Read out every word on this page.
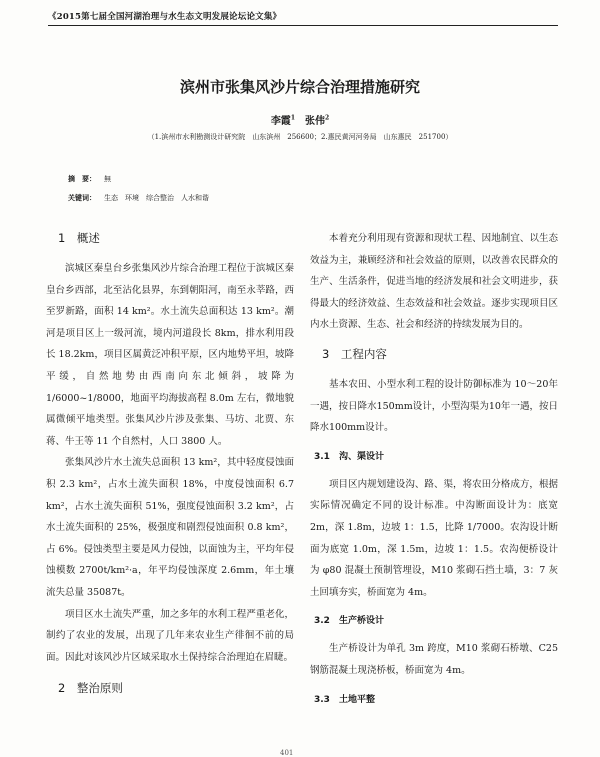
《2015第七届全国河湖治理与水生态文明发展论坛论文集》
滨州市张集风沙片综合治理措施研究
李霞$^1$　 张伟$^2$
（1.滨州市水利勘测设计研究院　山东滨州　256600；2.惠民黄河河务局　山东惠民　251700）
摘　要： 無
关键词： 生态　环境　综合整治　人水和谐
1　概述

滨城区秦皇台乡张集风沙片综合治理工程位于滨城区秦皇台乡西部，北至沾化县界，东到朝阳河，南至永莘路，西至罗新路，面积 14 km²。水土流失总面积达 13 km²。潮河是项目区上一级河流，境内河道段长 8km，排水利用段长 18.2km，项目区属黄泛冲积平原，区内地势平坦，坡降平缓，自然地势由西南向东北倾斜，坡降为 1/6000~1/8000，地面平均海拔高程 8.0m 左右，微地貌属微倾平地类型。张集风沙片涉及张集、马坊、北贾、东蒋、牛王等 11 个自然村，人口 3800 人。

张集风沙片水土流失总面积 13 km²，其中轻度侵蚀面积 2.3 km²，占水土流失面积 18%，中度侵蚀面积 6.7 km²，占水土流失面积 51%，强度侵蚀面积 3.2 km²，占水土流失面积的 25%，极强度和剧烈侵蚀面积 0.8 km²，占 6%。侵蚀类型主要是风力侵蚀，以面蚀为主，平均年侵蚀模数 2700t/km²·a，年平均侵蚀深度 2.6mm，年土壤流失总量 35087t。

项目区水土流失严重，加之多年的水利工程严重老化，制约了农业的发展，出现了几年来农业生产徘徊不前的局面。因此对该风沙片区域采取水土保持综合治理迫在眉睫。

2　整治原则

本着充分利用现有资源和现状工程、因地制宜、以生态效益为主，兼顾经济和社会效益的原则，以改善农民群众的生产、生活条件，促进当地的经济发展和社会文明进步，获得最大的经济效益、生态效益和社会效益。逐步实现项目区内水土资源、生态、社会和经济的持续发展为目的。

3　工程内容

基本农田、小型水利工程的设计防御标准为 10～20年一遇，按日降水150mm设计，小型沟渠为10年一遇，按日降水100mm设计。

3.1　沟、渠设计

项目区内规划建设沟、路、渠，将农田分格成方，根据实际情况确定不同的设计标准。中沟断面设计为：底宽 2m，深 1.8m，边坡 1：1.5，比降 1/7000。农沟设计断面为底宽 1.0m，深 1.5m，边坡 1：1.5。农沟便桥设计为 φ80 混凝土预制管埋设，M10 浆砌石挡土墙，3：7 灰土回填夯实，桥面宽为 4m。

3.2　生产桥设计

生产桥设计为单孔 3m 跨度，M10 浆砌石桥墩、C25 钢筋混凝土现浇桥板，桥面宽为 4m。

3.3　土地平整
401
